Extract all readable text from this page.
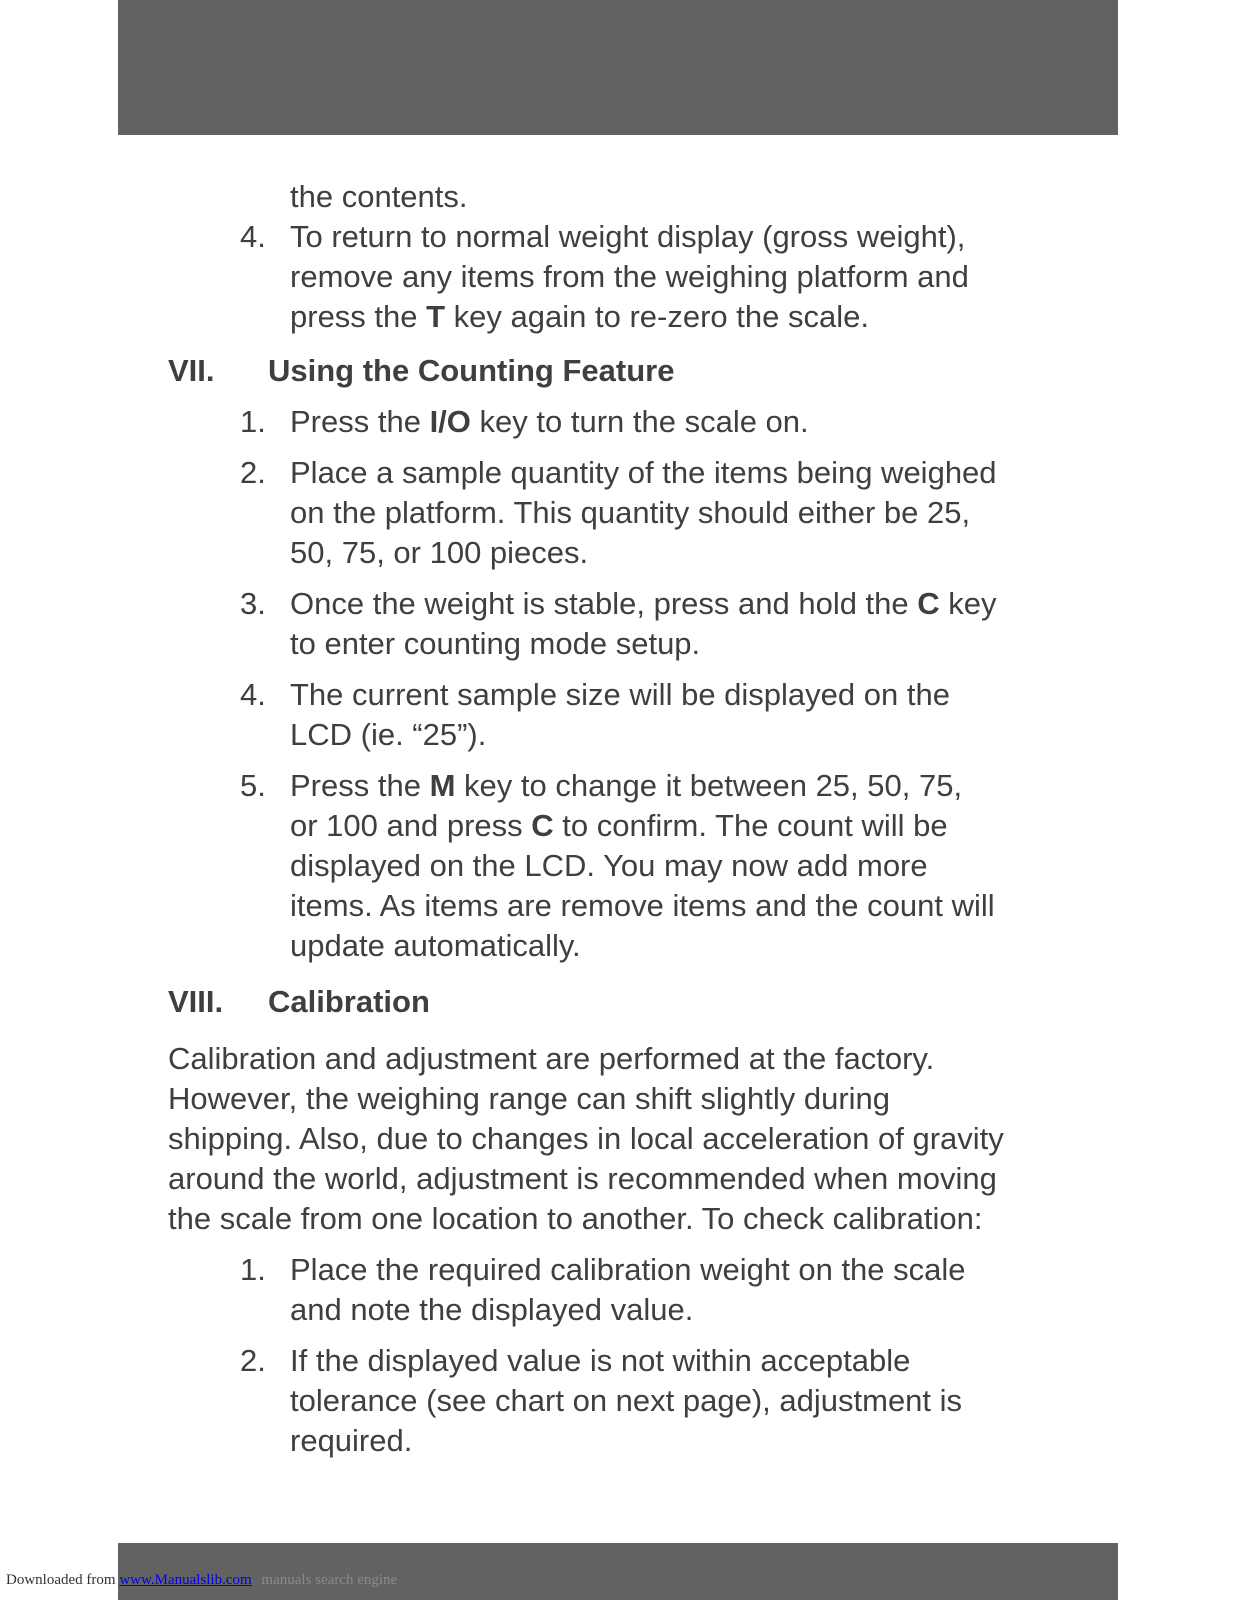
the contents.
4. To return to normal weight display (gross weight),
remove any items from the weighing platform and
press the T key again to re-zero the scale.
VII. Using the Counting Feature
1. Press the I/O key to turn the scale on.
2. Place a sample quantity of the items being weighed
on the platform. This quantity should either be 25,
50, 75, or 100 pieces.
3. Once the weight is stable, press and hold the C key
to enter counting mode setup.
4. The current sample size will be displayed on the
LCD (ie. “25”).
5. Press the M key to change it between 25, 50, 75,
or 100 and press C to confirm. The count will be
displayed on the LCD. You may now add more
items. As items are remove items and the count will
update automatically.
VIII. Calibration
Calibration and adjustment are performed at the factory.
However, the weighing range can shift slightly during
shipping. Also, due to changes in local acceleration of gravity
around the world, adjustment is recommended when moving
the scale from one location to another. To check calibration:
1. Place the required calibration weight on the scale
and note the displayed value.
2. If the displayed value is not within acceptable
tolerance (see chart on next page), adjustment is
required.
Downloaded from www.Manualslib.com manuals search engine
